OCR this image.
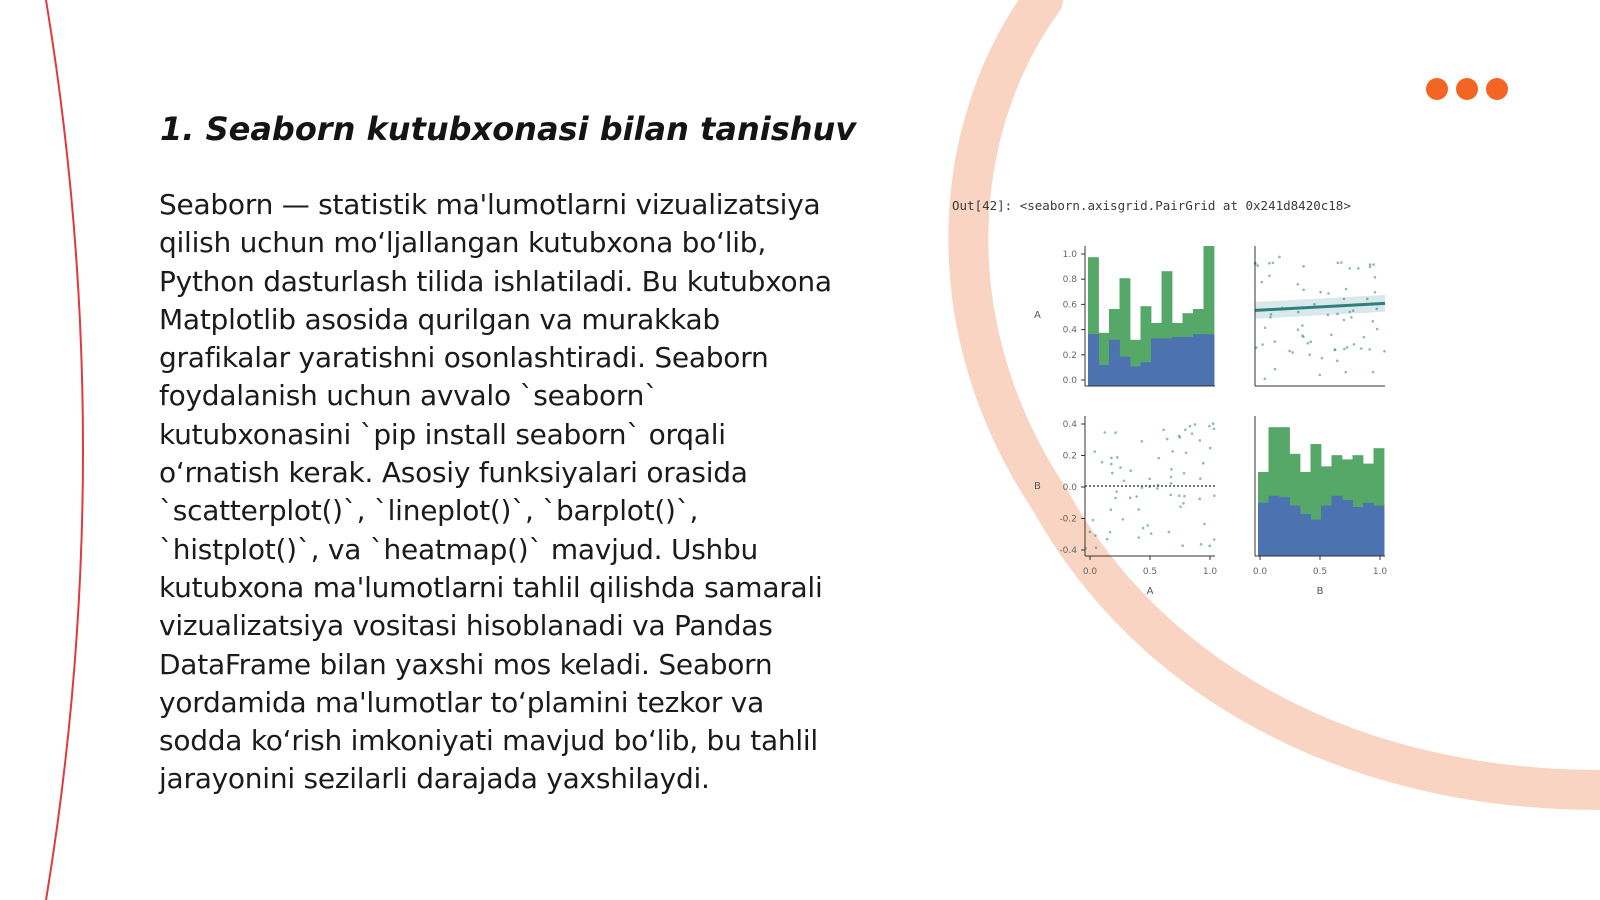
1. Seaborn kutubxonasi bilan tanishuv

Seaborn — statistik ma'lumotlarni vizualizatsiya qilish uchun mo‘ljallangan kutubxona bo‘lib, Python dasturlash tilida ishlatiladi. Bu kutubxona Matplotlib asosida qurilgan va murakkab grafikalar yaratishni osonlashtiradi. Seaborn foydalanish uchun avvalo `seaborn` kutubxonasini `pip install seaborn` orqali o‘rnatish kerak. Asosiy funksiyalari orasida `scatterplot()`, `lineplot()`, `barplot()`, `histplot()`, va `heatmap()` mavjud. Ushbu kutubxona ma'lumotlarni tahlil qilishda samarali vizualizatsiya vositasi hisoblanadi va Pandas DataFrame bilan yaxshi mos keladi. Seaborn yordamida ma'lumotlar to‘plamini tezkor va sodda ko‘rish imkoniyati mavjud bo‘lib, bu tahlil jarayonini sezilarli darajada yaxshilaydi.

Out[42]: <seaborn.axisgrid.PairGrid at 0x241d8420c18>
1.0
0.8
0.6
0.4
0.2
0.0
0.4
0.2
0.0
-0.2
-0.4
0.0	0.5	1.0	0.0	0.5	1.0
A
B
A	B
